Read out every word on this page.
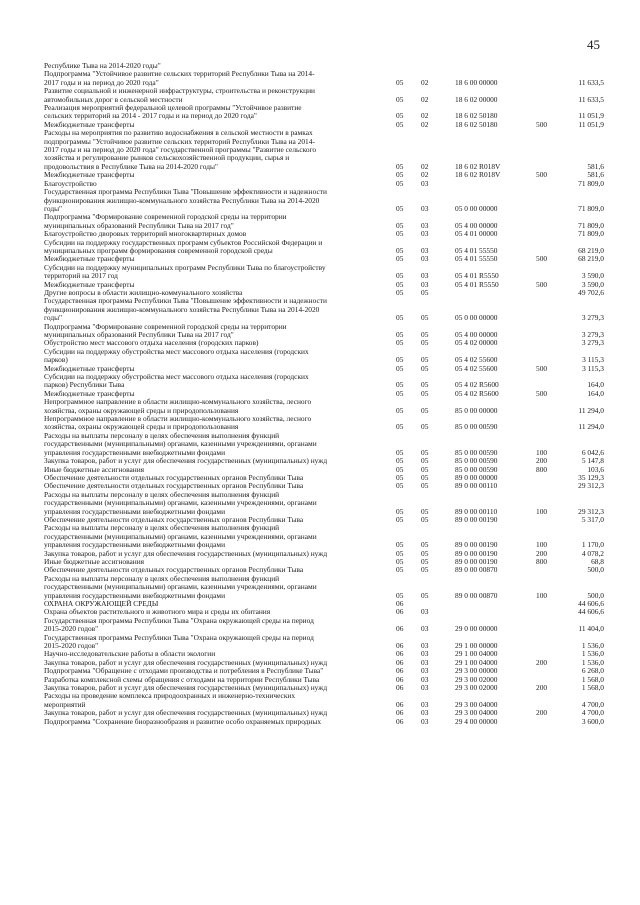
45
Республике Тыва на 2014-2020 годы"
Подпрограмма "Устойчивое развитие сельских территорий Республики Тыва на 2014-
2017 годы и на период до 2020 года"	05 02	18 6 00 00000	11 633,5
Развитие социальной и инженерной инфраструктуры, строительства и реконструкции
автомобильных дорог в сельской местности	05 02	18 6 02 00000	11 633,5
Реализация мероприятий федеральной целевой программы "Устойчивое развитие
сельских территорий на 2014 - 2017 годы и на период до 2020 года"	05 02	18 6 02 50180	11 051,9
Межбюджетные трансферты	05 02	18 6 02 50180	500	11 051,9
Расходы на мероприятия по развитию водоснабжения в сельской местности в рамках
подпрограммы "Устойчивое развитие сельских территорий Республики Тыва на 2014-
2017 годы и на период до 2020 года" государственной программы "Развитие сельского
хозяйства и регулирование рынков сельскохозяйственной продукции, сырья и
продовольствия в Республике Тыва на 2014-2020 годы"	05 02	18 6 02 R018V	581,6
Межбюджетные трансферты	05 02	18 6 02 R018V	500	581,6
Благоустройство	05 03	71 809,0
Государственная программа Республики Тыва "Повышение эффективности и надежности
функционирования жилищно-коммунального хозяйства Республики Тыва на 2014-2020
годы"	05 03	05 0 00 00000	71 809,0
Подпрограмма "Формирование современной городской среды на территории
муниципальных образований Республики Тыва на 2017 год"	05 03	05 4 00 00000	71 809,0
Благоустройство дворовых территорий многоквартирных домов	05 03	05 4 01 00000	71 809,0
Субсидии на поддержку государственных программ субъектов Российской Федерации и
муниципальных программ формирования современной городской среды	05 03	05 4 01 55550	68 219,0
Межбюджетные трансферты	05 03	05 4 01 55550	500	68 219,0
Субсидии на поддержку муниципальных программ Республики Тыва по благоустройству
территорий на 2017 год	05 03	05 4 01 R5550	3 590,0
Межбюджетные трансферты	05 03	05 4 01 R5550	500	3 590,0
Другие вопросы в области жилищно-коммунального хозяйства	05 05	49 702,6
Государственная программа Республики Тыва "Повышение эффективности и надежности
функционирования жилищно-коммунального хозяйства Республики Тыва на 2014-2020
годы"	05 05	05 0 00 00000	3 279,3
Подпрограмма "Формирование современной городской среды на территории
муниципальных образований Республики Тыва на 2017 год"	05 05	05 4 00 00000	3 279,3
Обустройство мест массового отдыха населения (городских парков)	05 05	05 4 02 00000	3 279,3
Субсидии на поддержку обустройства мест массового отдыха населения (городских
парков)	05 05	05 4 02 55600	3 115,3
Межбюджетные трансферты	05 05	05 4 02 55600	500	3 115,3
Субсидии на поддержку обустройства мест массового отдыха населения (городских
парков) Республики Тыва	05 05	05 4 02 R5600	164,0
Межбюджетные трансферты	05 05	05 4 02 R5600	500	164,0
Непрограммное направление в области жилищно-коммунального хозяйства, лесного
хозяйства, охраны окружающей среды и природопользования	05 05	85 0 00 00000	11 294,0
Непрограммное направление в области жилищно-коммунального хозяйства, лесного
хозяйства, охраны окружающей среды и природопользования	05 05	85 0 00 00590	11 294,0
Расходы на выплаты персоналу в целях обеспечения выполнения функций
государственными (муниципальными) органами, казенными учреждениями, органами
управления государственными внебюджетными фондами	05 05	85 0 00 00590	100	6 042,6
Закупка товаров, работ и услуг для обеспечения государственных (муниципальных) нужд	05 05	85 0 00 00590	200	5 147,8
Иные бюджетные ассигнования	05 05	85 0 00 00590	800	103,6
Обеспечение деятельности отдельных государственных органов Республики Тыва	05 05	89 0 00 00000	35 129,3
Обеспечение деятельности отдельных государственных органов Республики Тыва	05 05	89 0 00 00110	29 312,3
Расходы на выплаты персоналу в целях обеспечения выполнения функций
государственными (муниципальными) органами, казенными учреждениями, органами
управления государственными внебюджетными фондами	05 05	89 0 00 00110	100	29 312,3
Обеспечение деятельности отдельных государственных органов Республики Тыва	05 05	89 0 00 00190	5 317,0
Расходы на выплаты персоналу в целях обеспечения выполнения функций
государственными (муниципальными) органами, казенными учреждениями, органами
управления государственными внебюджетными фондами	05 05	89 0 00 00190	100	1 170,0
Закупка товаров, работ и услуг для обеспечения государственных (муниципальных) нужд	05 05	89 0 00 00190	200	4 078,2
Иные бюджетные ассигнования	05 05	89 0 00 00190	800	68,8
Обеспечение деятельности отдельных государственных органов Республики Тыва	05 05	89 0 00 00870	500,0
Расходы на выплаты персоналу в целях обеспечения выполнения функций
государственными (муниципальными) органами, казенными учреждениями, органами
управления государственными внебюджетными фондами	05 05	89 0 00 00870	100	500,0
ОХРАНА ОКРУЖАЮЩЕЙ СРЕДЫ	06	44 606,6
Охрана объектов растительного и животного мира и среды их обитания	06 03	44 606,6
Государственная программа Республики Тыва "Охрана окружающей среды на период
2015-2020 годов"	06 03	29 0 00 00000	11 404,0
Государственная программа Республики Тыва "Охрана окружающей среды на период
2015-2020 годов"	06 03	29 1 00 00000	1 536,0
Научно-исследовательские работы в области экологии	06 03	29 1 00 04000	1 536,0
Закупка товаров, работ и услуг для обеспечения государственных (муниципальных) нужд	06 03	29 1 00 04000	200	1 536,0
Подпрограмма "Обращение с отходами производства и потребления в Республике Тыва"	06 03	29 3 00 00000	6 268,0
Разработка комплексной схемы обращения с отходами на территории Республики Тыва	06 03	29 3 00 02000	1 568,0
Закупка товаров, работ и услуг для обеспечения государственных (муниципальных) нужд	06 03	29 3 00 02000	200	1 568,0
Расходы на проведение комплекса природоохранных и инженерно-технических
мероприятий	06 03	29 3 00 04000	4 700,0
Закупка товаров, работ и услуг для обеспечения государственных (муниципальных) нужд	06 03	29 3 00 04000	200	4 700,0
Подпрограмма "Сохранение биоразнообразия и развитие особо охраняемых природных	06 03	29 4 00 00000	3 600,0
